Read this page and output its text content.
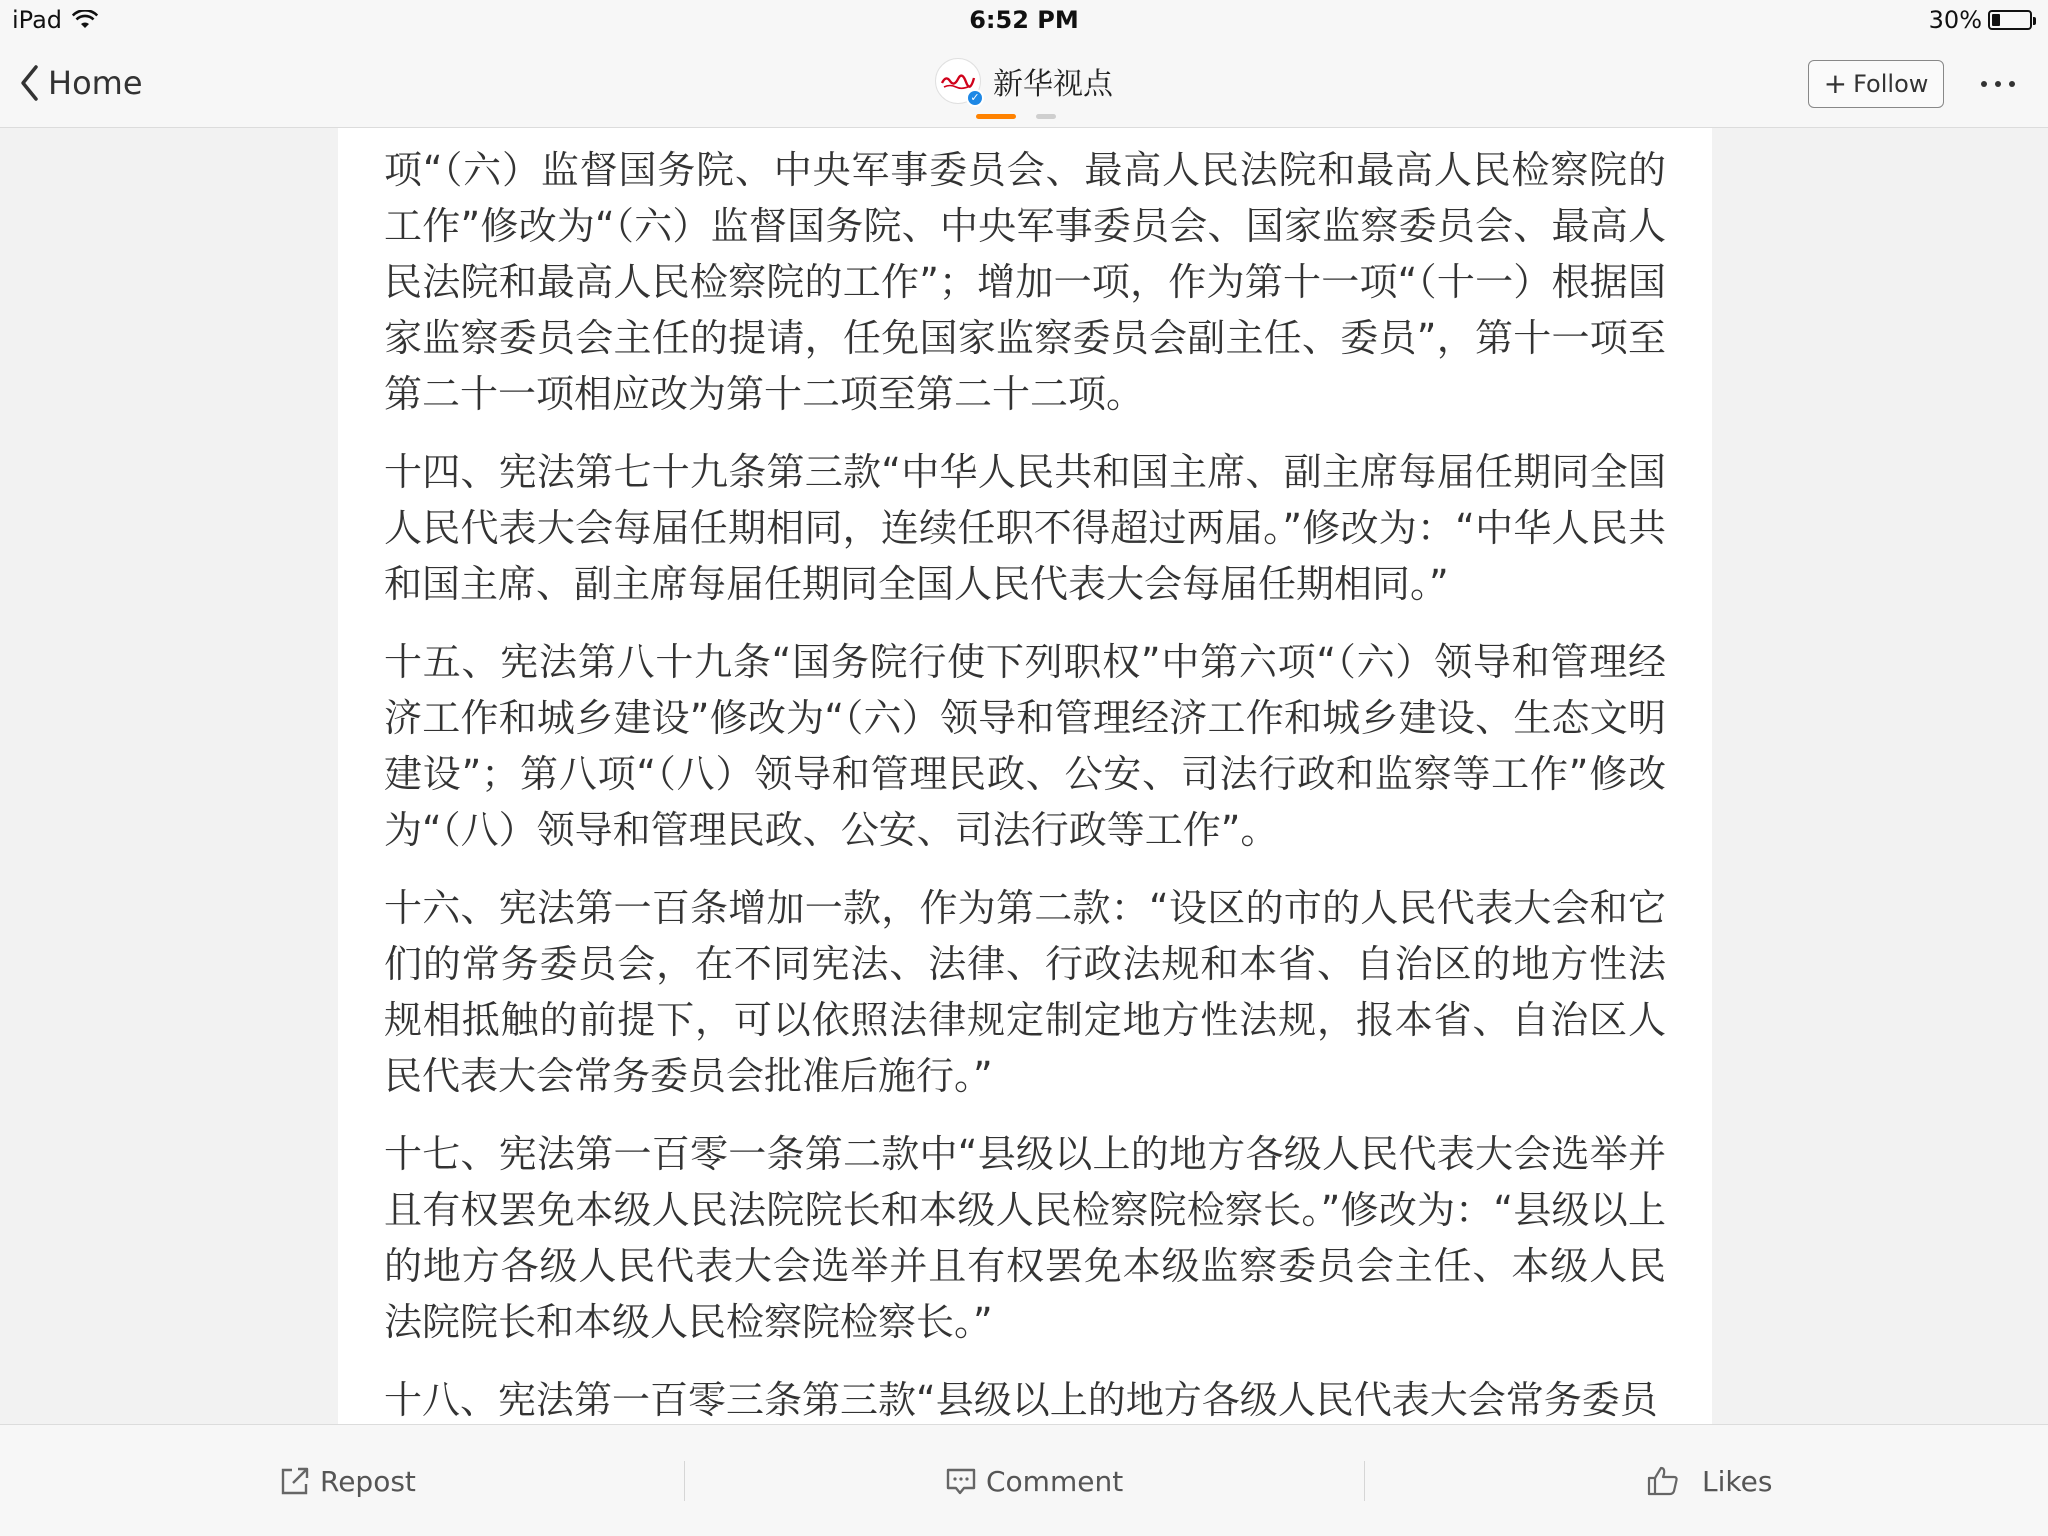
iPad	6:52 PM	30%
Home	✓ 新华视点	+ Follow

项“（六）监督国务院、中央军事委员会、最高人民法院和最高人民检察院的工作”修改为“（六）监督国务院、中央军事委员会、国家监察委员会、最高人民法院和最高人民检察院的工作”；增加一项，作为第十一项“（十一）根据国家监察委员会主任的提请，任免国家监察委员会副主任、委员”，第十一项至第二十一项相应改为第十二项至第二十二项。

十四、宪法第七十九条第三款“中华人民共和国主席、副主席每届任期同全国人民代表大会每届任期相同，连续任职不得超过两届。”修改为：“中华人民共和国主席、副主席每届任期同全国人民代表大会每届任期相同。”

十五、宪法第八十九条“国务院行使下列职权”中第六项“（六）领导和管理经济工作和城乡建设”修改为“（六）领导和管理经济工作和城乡建设、生态文明建设”；第八项“（八）领导和管理民政、公安、司法行政和监察等工作”修改为“（八）领导和管理民政、公安、司法行政等工作”。

十六、宪法第一百条增加一款，作为第二款：“设区的市的人民代表大会和它们的常务委员会，在不同宪法、法律、行政法规和本省、自治区的地方性法规相抵触的前提下，可以依照法律规定制定地方性法规，报本省、自治区人民代表大会常务委员会批准后施行。”

十七、宪法第一百零一条第二款中“县级以上的地方各级人民代表大会选举并且有权罢免本级人民法院院长和本级人民检察院检察长。”修改为：“县级以上的地方各级人民代表大会选举并且有权罢免本级监察委员会主任、本级人民法院院长和本级人民检察院检察长。”

十八、宪法第一百零三条第三款“县级以上的地方各级人民代表大会常务委员

Repost	Comment	Likes
